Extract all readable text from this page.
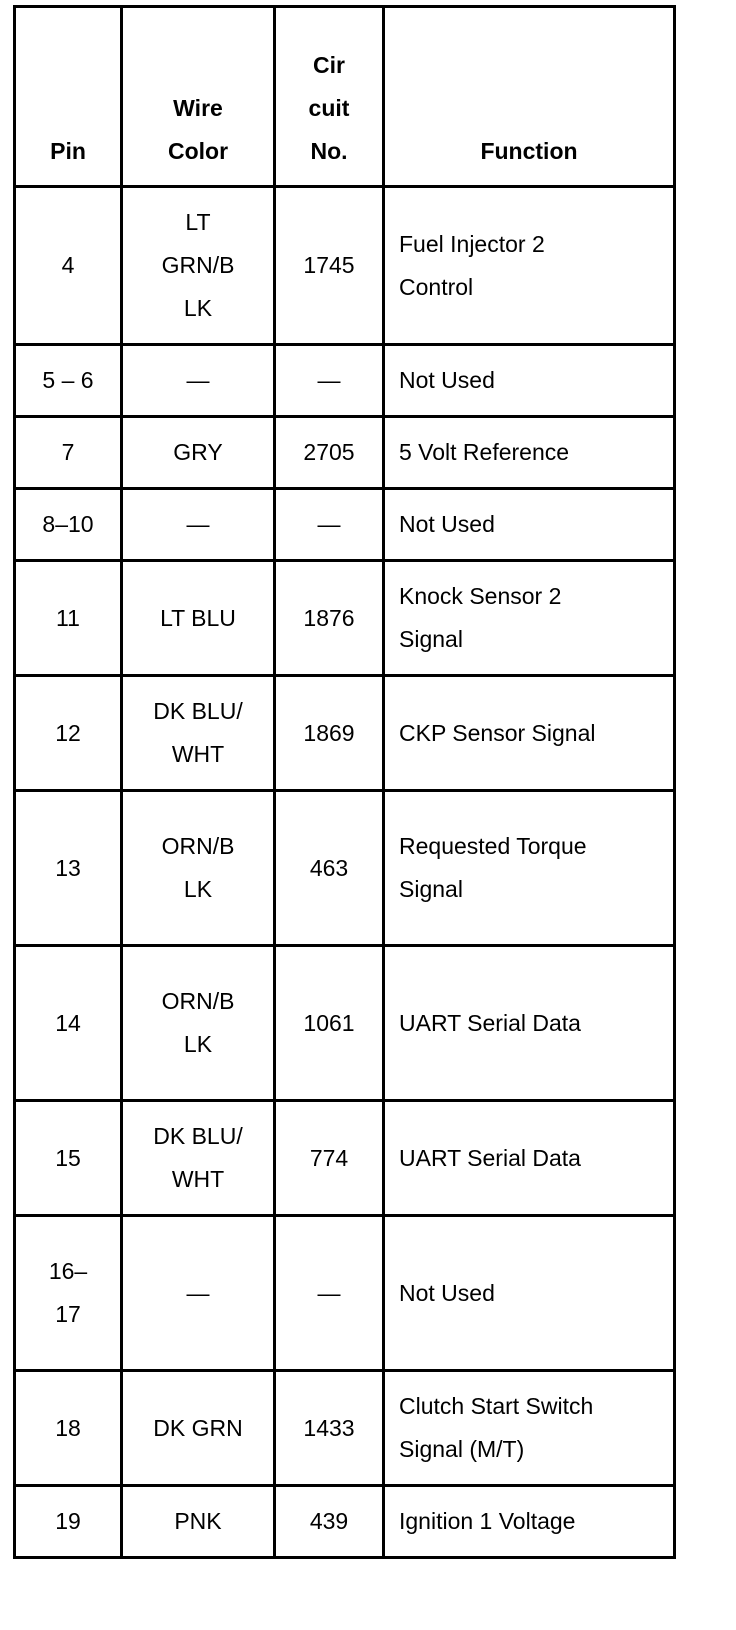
Pin	Wire Color	Cir cuit No.	Function

4	LT GRN/B LK	1745	Fuel Injector 2 Control

5 – 6	—	—	Not Used

7	GRY	2705	5 Volt Reference

8–10	—	—	Not Used

11	LT BLU	1876	Knock Sensor 2 Signal

12	DK BLU/ WHT	1869	CKP Sensor Signal

13	ORN/B LK	463	Requested Torque Signal

14	ORN/B LK	1061	UART Serial Data

15	DK BLU/ WHT	774	UART Serial Data

16– 17	—	—	Not Used

18	DK GRN	1433	Clutch Start Switch Signal (M/T)

19	PNK	439	Ignition 1 Voltage
